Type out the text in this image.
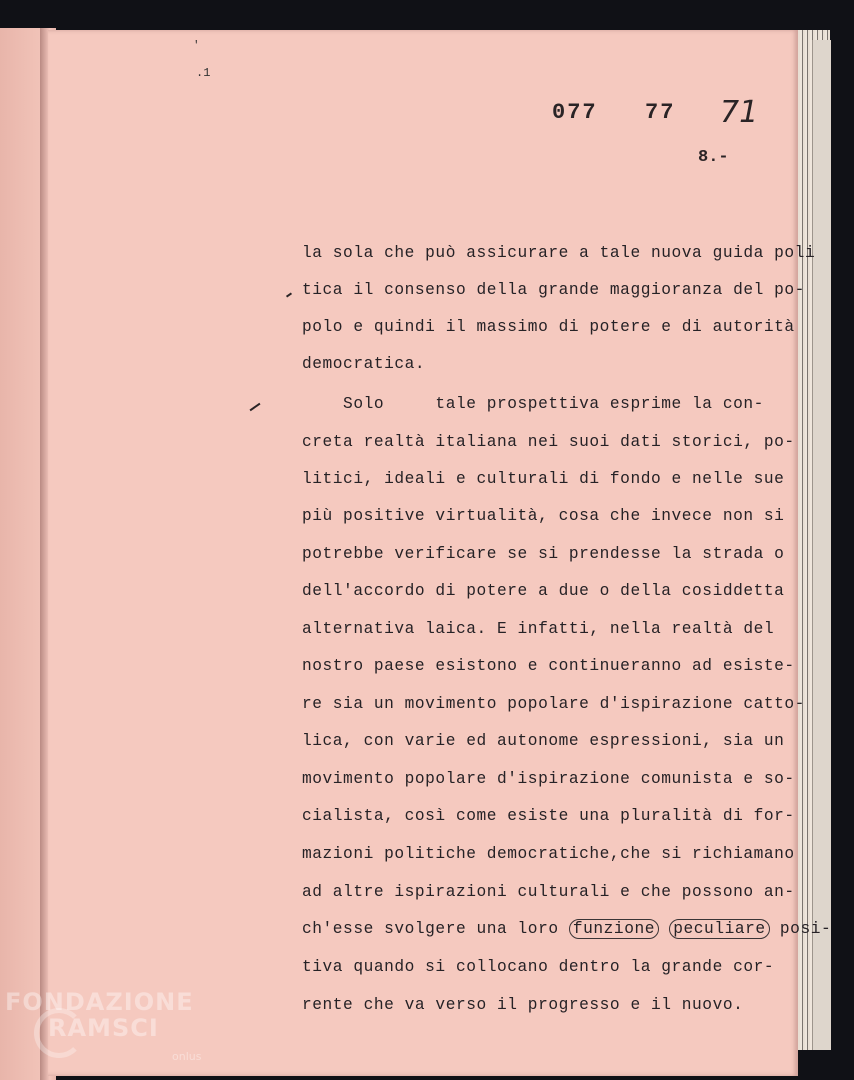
'
.1
077 77 71
8.-
la sola che può assicurare a tale nuova guida poli
tica il consenso della grande maggioranza del po-
polo e quindi il massimo di potere e di autorità
democratica.
Solo     tale prospettiva esprime la con-
creta realtà italiana nei suoi dati storici, po-
litici, ideali e culturali di fondo e nelle sue
più positive virtualità, cosa che invece non si
potrebbe verificare se si prendesse la strada o
dell'accordo di potere a due o della cosiddetta
alternativa laica. E infatti, nella realtà del
nostro paese esistono e continueranno ad esiste-
re sia un movimento popolare d'ispirazione catto-
lica, con varie ed autonome espressioni, sia un
movimento popolare d'ispirazione comunista e so-
cialista, così come esiste una pluralità di for-
mazioni politiche democratiche,che si richiamano
ad altre ispirazioni culturali e che possono an-
ch'esse svolgere una loro funzione peculiare posi-
tiva quando si collocano dentro la grande cor-
rente che va verso il progresso e il nuovo.
FONDAZIONE
RAMSCI
onlus
